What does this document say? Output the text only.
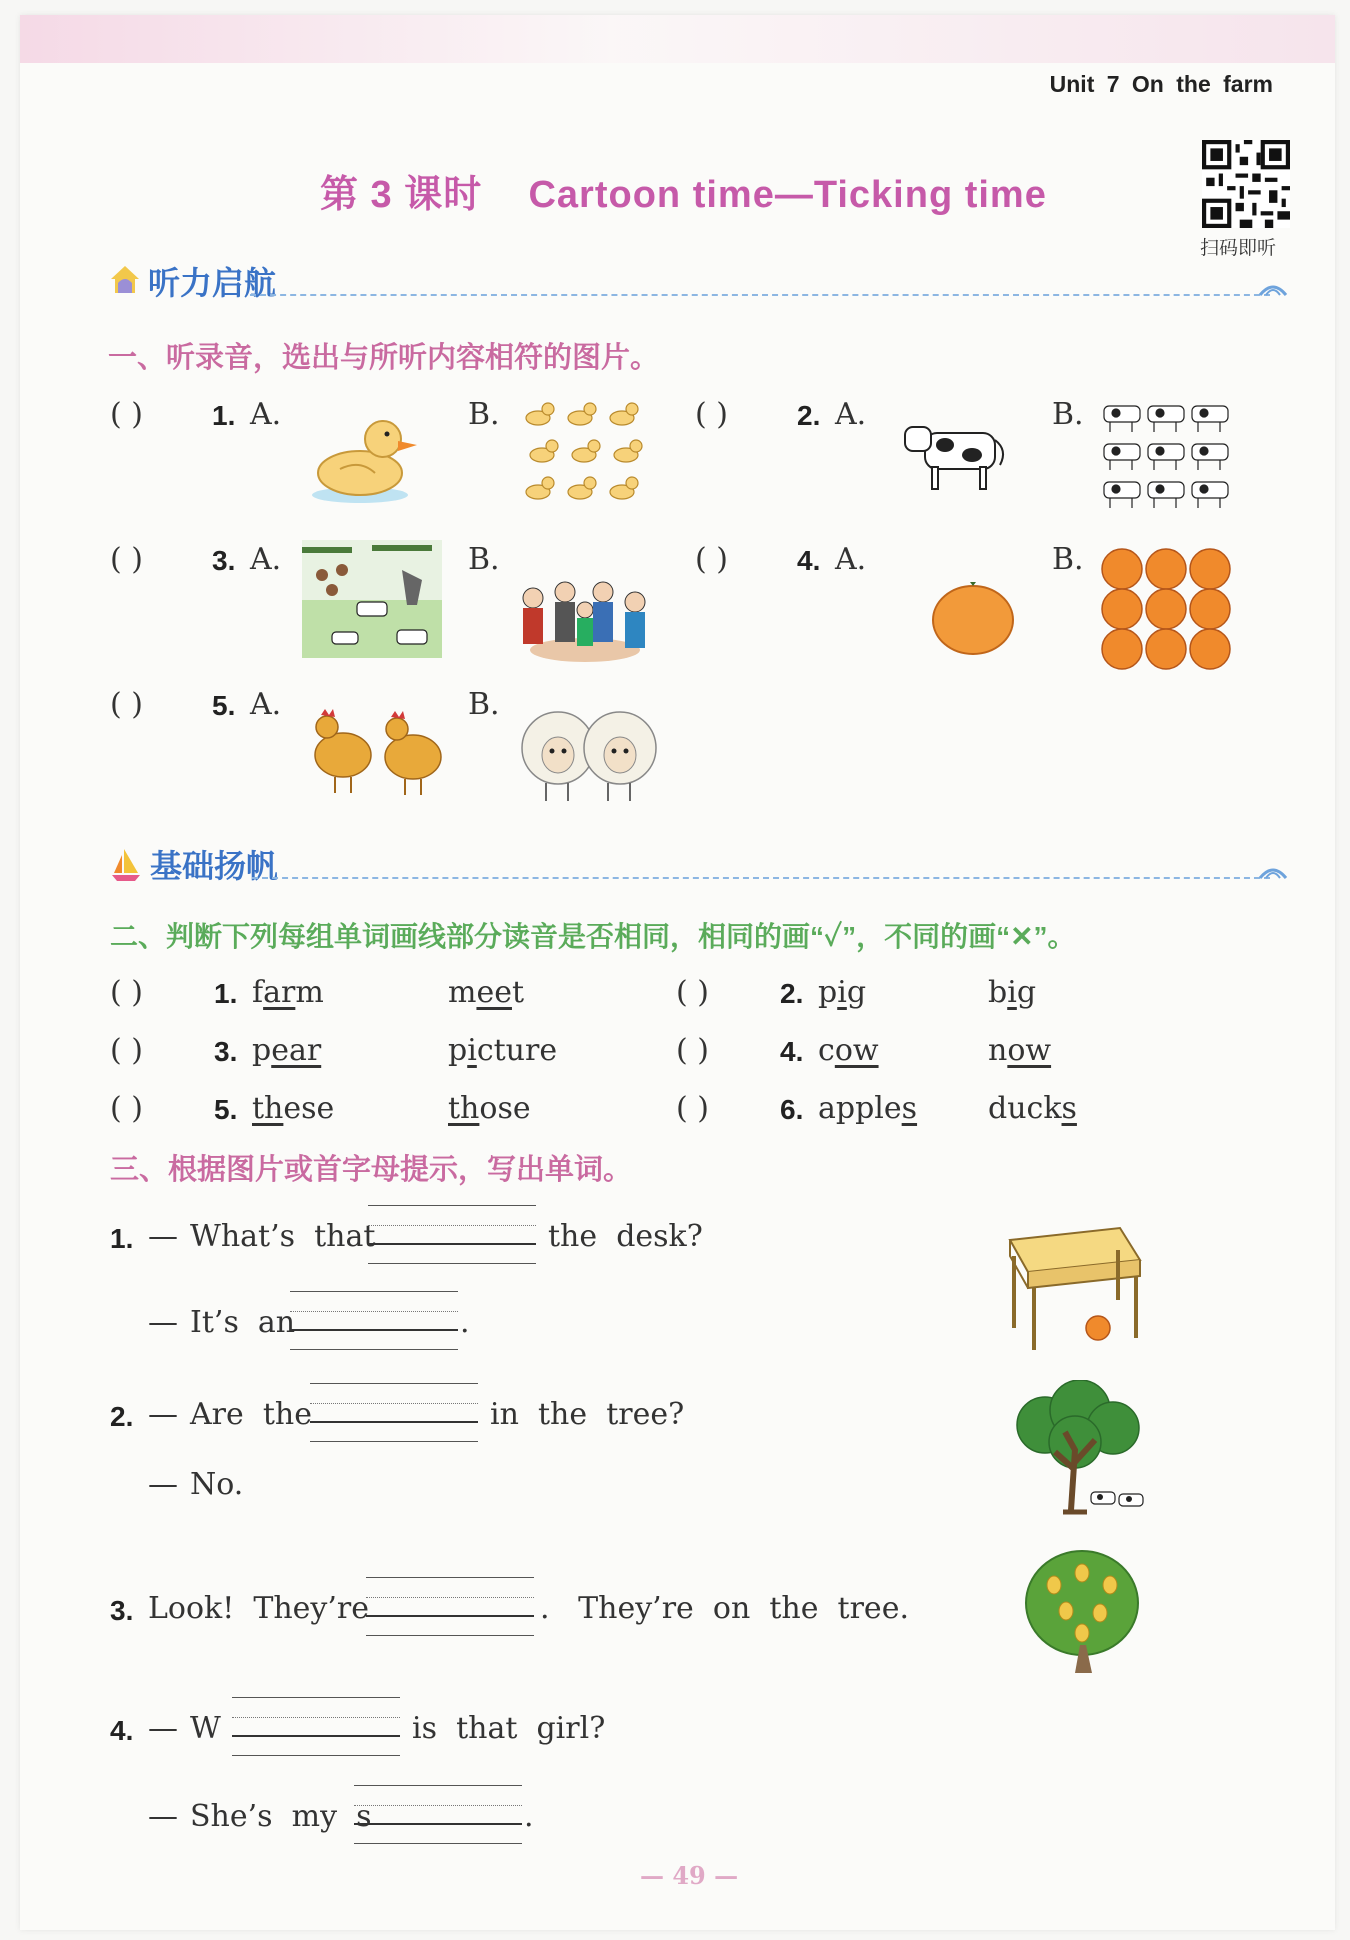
Unit 7 On the farm
第 3 课时    Cartoon time—Ticking time
扫码即听
听力启航
一、听录音，选出与所听内容相符的图片。
( ) 1. A.	B.	( ) 2. A.	B.
( ) 3. A.	B.	( ) 4. A.	B.
( ) 5. A.	B.
基础扬帆
二、判断下列每组单词画线部分读音是否相同，相同的画“✓”，不同的画“✕”。
( )	1. farm	meet	( )	2. pig	big
( )	3. pear	picture	( )	4. cow	now
( )	5. these	those	( )	6. apples ducks
三、根据图片或首字母提示，写出单词。
1. — What’s  that	the  desk?
— It’s  an	.
2. — Are  the	in  the  tree?
— No.
3. Look!  They’re	.   They’re  on  the  tree.
4. — W	is  that  girl?
— She’s  my  s	.
— 49 —
